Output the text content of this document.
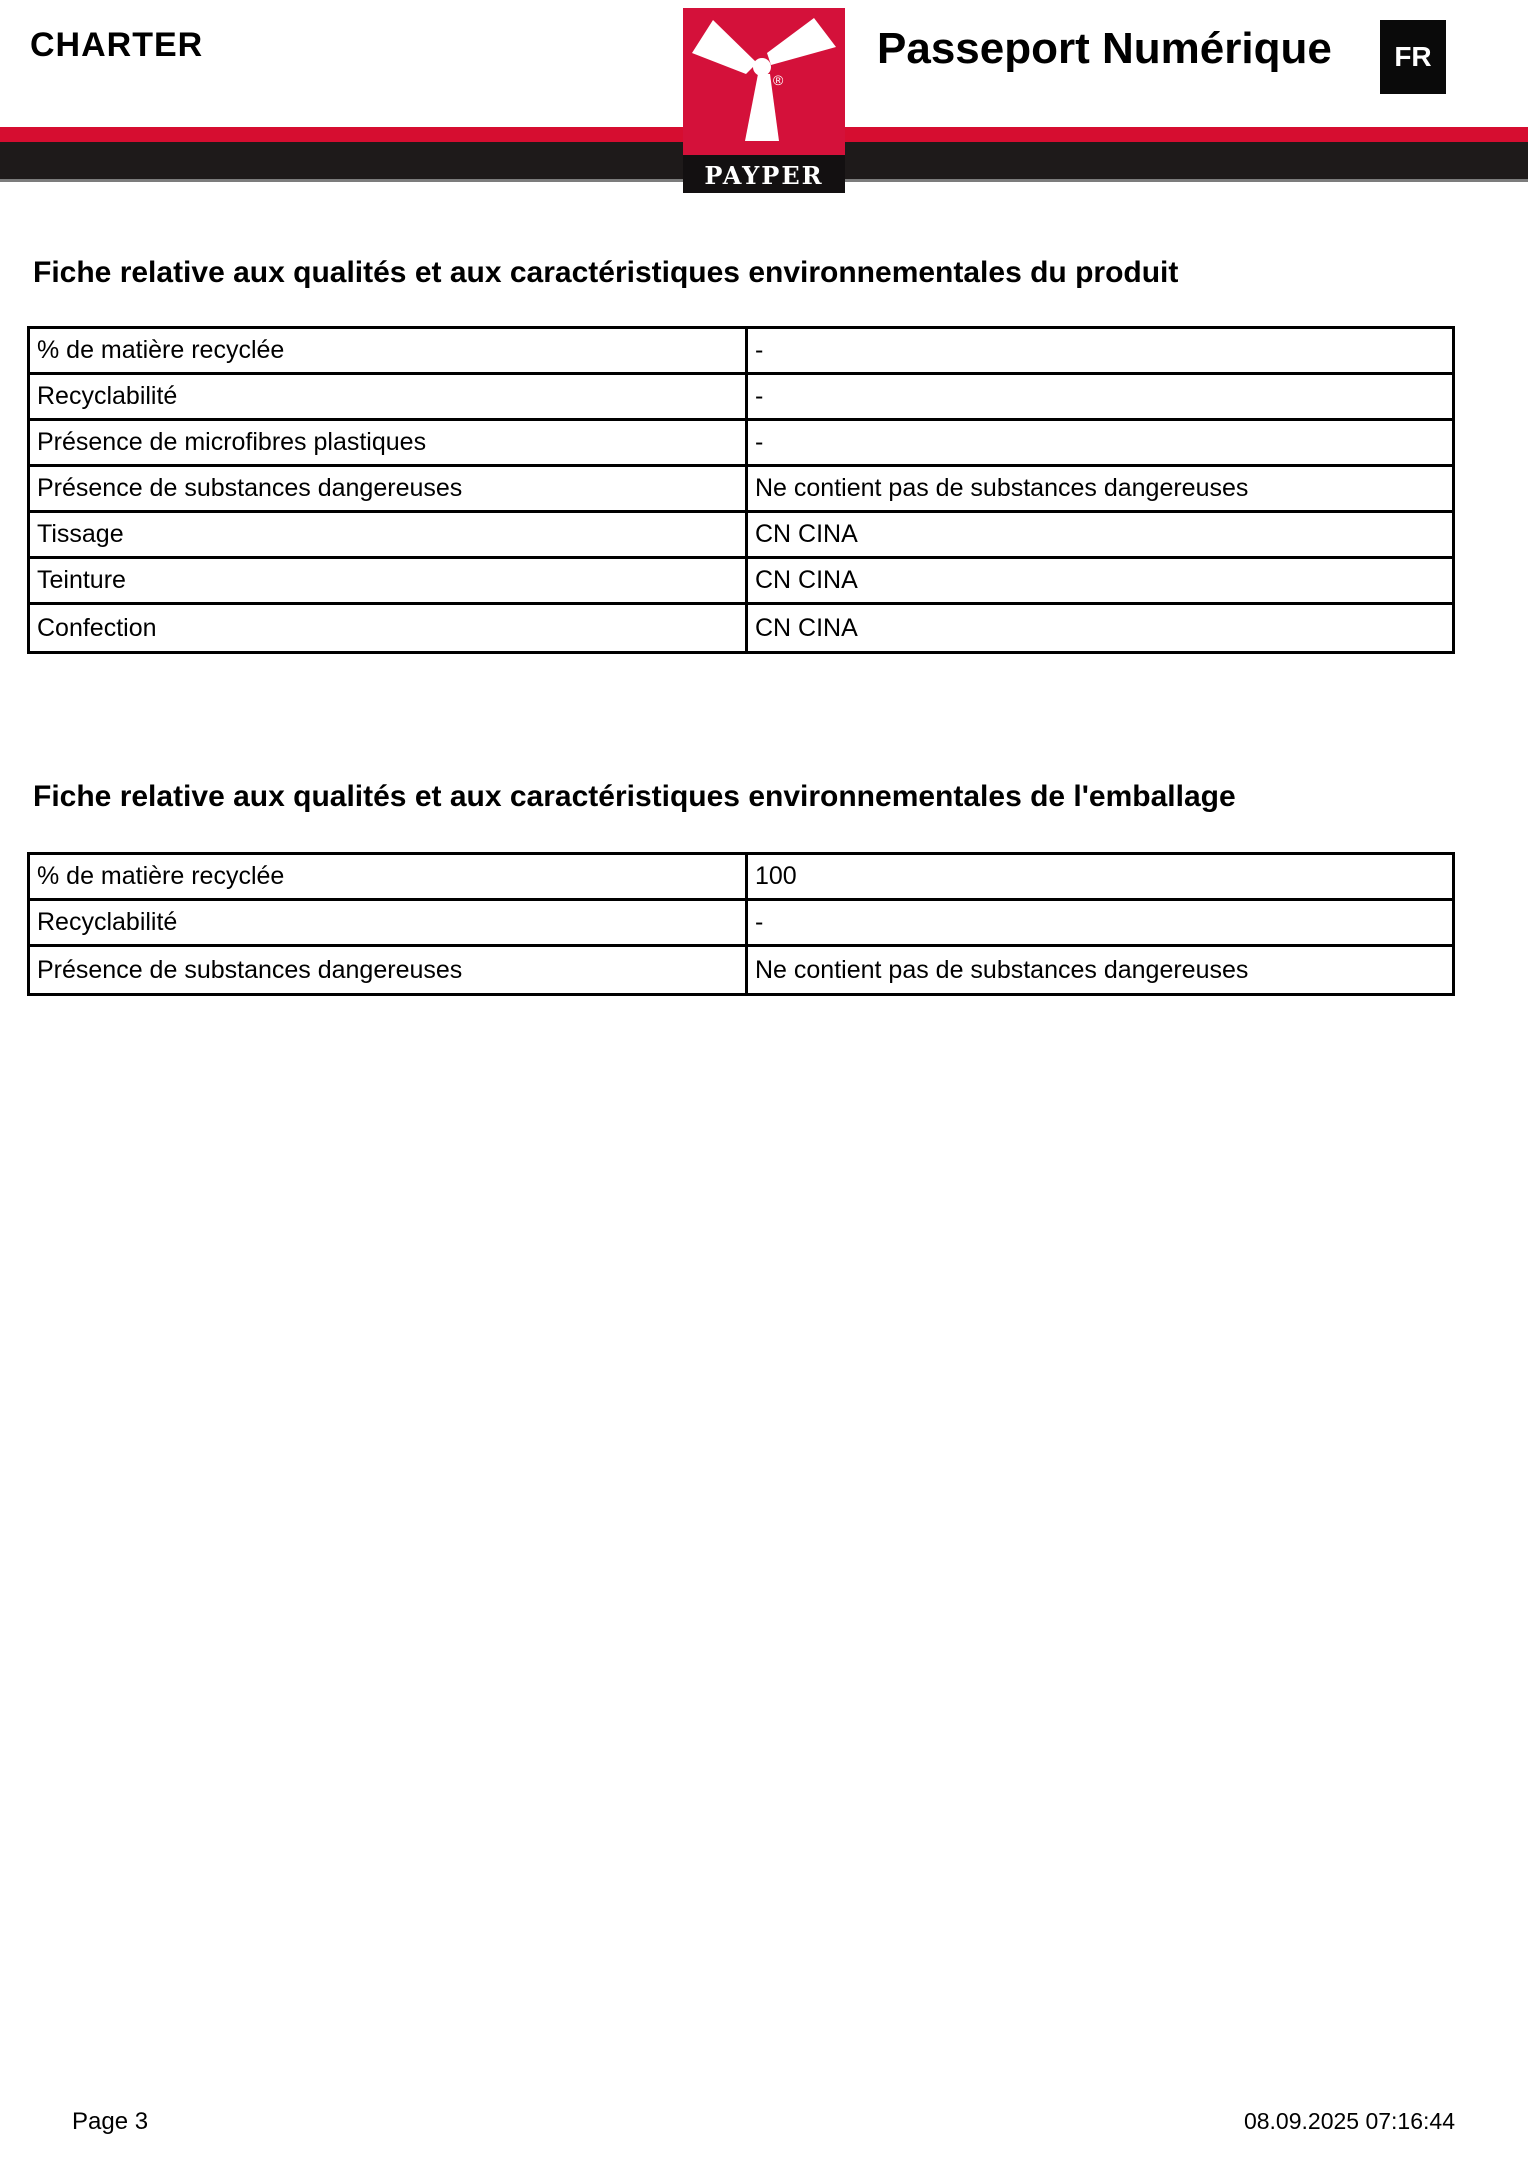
CHARTER
®
PAYPER
Passeport Numérique	FR
Fiche relative aux qualités et aux caractéristiques environnementales du produit
% de matière recyclée	-
Recyclabilité	-
Présence de microfibres plastiques	-
Présence de substances dangereuses	Ne contient pas de substances dangereuses
Tissage	CN CINA
Teinture	CN CINA
Confection	CN CINA
Fiche relative aux qualités et aux caractéristiques environnementales de l'emballage
% de matière recyclée	100
Recyclabilité	-
Présence de substances dangereuses	Ne contient pas de substances dangereuses
Page 3	08.09.2025 07:16:44
